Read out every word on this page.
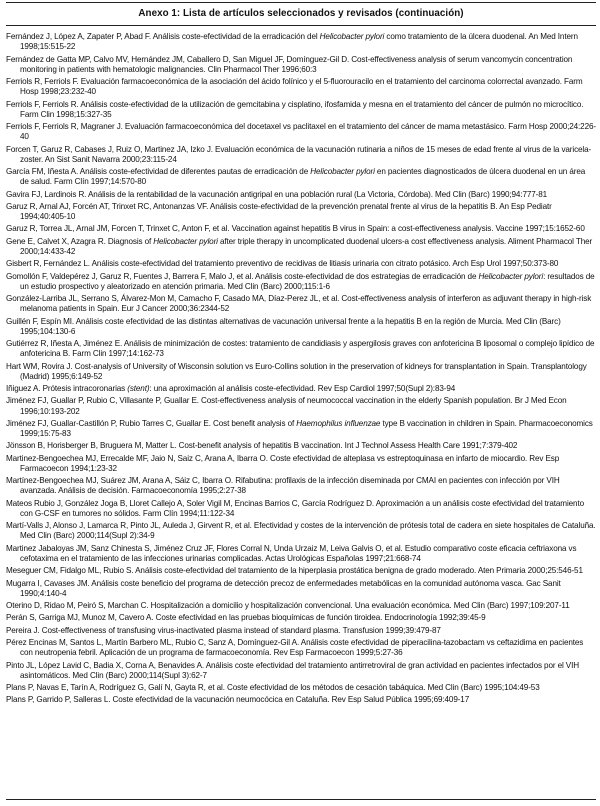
Anexo 1: Lista de artículos seleccionados y revisados (continuación)
Fernández J, López A, Zapater P, Abad F. Análisis coste-efectividad de la erradicación del Helicobacter pylori como tratamiento de la úlcera duodenal. An Med Intern 1998;15:515-22
Fernández de Gatta MP, Calvo MV, Hernández JM, Caballero D, San Miguel JF, Domínguez-Gil D. Cost-effectiveness analysis of serum vancomycin concentration monitoring in patients with hematologic malignancies. Clin Pharmacol Ther 1996;60:3
Ferriols R, Ferriols F. Evaluación farmacoeconómica de la asociación del ácido folínico y el 5-fluorouracilo en el tratamiento del carcinoma colorrectal avanzado. Farm Hosp 1998;23:232-40
Ferriols F, Ferriols R. Análisis coste-efectividad de la utilización de gemcitabina y cisplatino, ifosfamida y mesna en el tratamiento del cáncer de pulmón no microcítico. Farm Clin 1998;15:327-35
Ferriols F, Ferriols R, Magraner J. Evaluación farmacoeconómica del docetaxel vs paclitaxel en el tratamiento del cáncer de mama metastásico. Farm Hosp 2000;24:226-40
Forcen T, Garuz R, Cabases J, Ruiz O, Martinez JA, Izko J. Evaluación económica de la vacunación rutinaria a niños de 15 meses de edad frente al virus de la varicela-zoster. An Sist Sanit Navarra 2000;23:115-24
García FM, Iñesta A. Análisis coste-efectividad de diferentes pautas de erradicación de Helicobacter pylori en pacientes diagnosticados de úlcera duodenal en un área de salud. Farm Clín 1997;14:570-80
Gavira FJ, Lardinois R. Análisis de la rentabilidad de la vacunación antigripal en una población rural (La Victoria, Córdoba). Med Clin (Barc) 1990;94:777-81
Garuz R, Arnal AJ, Forcén AT, Trinxet RC, Antonanzas VF. Análisis coste-efectividad de la prevención prenatal frente al virus de la hepatitis B. An Esp Pediatr 1994;40:405-10
Garuz R, Torrea JL, Arnal JM, Forcen T, Trinxet C, Anton F, et al. Vaccination against hepatitis B virus in Spain: a cost-effectiveness analysis. Vaccine 1997;15:1652-60
Gene E, Calvet X, Azagra R. Diagnosis of Helicobacter pylori after triple therapy in uncomplicated duodenal ulcers-a cost effectiveness analysis. Aliment Pharmacol Ther 2000;14:433-42
Gisbert R, Fernández L. Análisis coste-efectividad del tratamiento preventivo de recidivas de litiasis urinaria con citrato potásico. Arch Esp Urol 1997;50:373-80
Gomollón F, Valdepérez J, Garuz R, Fuentes J, Barrera F, Malo J, et al. Análisis coste-efectividad de dos estrategias de erradicación de Helicobacter pylori: resultados de un estudio prospectivo y aleatorizado en atención primaria. Med Clin (Barc) 2000;115:1-6
González-Larriba JL, Serrano S, Álvarez-Mon M, Camacho F, Casado MA, Díaz-Perez JL, et al. Cost-effectiveness analysis of interferon as adjuvant therapy in high-risk melanoma patients in Spain. Eur J Cancer 2000;36:2344-52
Guillén F, Espín MI. Análisis coste efectividad de las distintas alternativas de vacunación universal frente a la hepatitis B en la región de Murcia. Med Clin (Barc) 1995;104:130-6
Gutiérrez R, Iñesta A, Jiménez E. Análisis de minimización de costes: tratamiento de candidiasis y aspergilosis graves con anfotericina B liposomal o complejo lipídico de anfotericina B. Farm Clin 1997;14:162-73
Hart WM, Rovira J. Cost-analysis of University of Wisconsin solution vs Euro-Collins solution in the preservation of kidneys for transplantation in Spain. Transplantology (Madrid) 1995;6:149-52
Iñiguez A. Prótesis intracoronarias (stent): una aproximación al análisis coste-efectividad. Rev Esp Cardiol 1997;50(Supl 2):83-94
Jiménez FJ, Guallar P, Rubio C, Villasante P, Guallar E. Cost-effectiveness analysis of neumococcal vaccination in the elderly Spanish population. Br J Med Econ 1996;10:193-202
Jiménez FJ, Guallar-Castillón P, Rubio Tarres C, Guallar E. Cost benefit analysis of Haemophilus influenzae type B vaccination in children in Spain. Pharmacoeconomics 1999;15:75-83
Jönsson B, Horisberger B, Bruguera M, Matter L. Cost-benefit analysis of hepatitis B vaccination. Int J Technol Assess Health Care 1991;7:379-402
Martinez-Bengoechea MJ, Errecalde MF, Jaio N, Saiz C, Arana A, Ibarra O. Coste efectividad de alteplasa vs estreptoquinasa en infarto de miocardio. Rev Esp Farmacoecon 1994;1:23-32
Martínez-Bengoechea MJ, Suárez JM, Arana A, Sáiz C, Ibarra O. Rifabutina: profilaxis de la infección diseminada por CMAI en pacientes con infección por VIH avanzada. Análisis de decisión. Farmacoeconomía 1995;2:27-38
Mateos Rubio J, González Joga B, Lloret Callejo A, Soler Vigil M, Encinas Barrios C, García Rodríguez D. Aproximación a un análisis coste efectividad del tratamiento con G-CSF en tumores no sólidos. Farm Clín 1994;11:122-34
Martí-Valls J, Alonso J, Lamarca R, Pinto JL, Auleda J, Girvent R, et al. Efectividad y costes de la intervención de prótesis total de cadera en siete hospitales de Cataluña. Med Clin (Barc) 2000;114(Supl 2):34-9
Martinez Jabaloyas JM, Sanz Chinesta S, Jiménez Cruz JF, Flores Corral N, Unda Urzaiz M, Leiva Galvis O, et al. Estudio comparativo coste eficacia ceftriaxona vs cefotaxima en el tratamiento de las infecciones urinarias complicadas. Actas Urológicas Españolas 1997;21:668-74
Meseguer CM, Fidalgo ML, Rubio S. Análisis coste-efectividad del tratamiento de la hiperplasia prostática benigna de grado moderado. Aten Primaria 2000;25:546-51
Mugarra I, Cavases JM. Análisis coste beneficio del programa de detección precoz de enfermedades metabólicas en la comunidad autónoma vasca. Gac Sanit 1990;4:140-4
Oterino D, Ridao M, Peiró S, Marchan C. Hospitalización a domicilio y hospitalización convencional. Una evaluación económica. Med Clin (Barc) 1997;109:207-11
Perán S, Garriga MJ, Munoz M, Cavero A. Coste efectividad en las pruebas bioquímicas de función tiroidea. Endocrinología 1992;39:45-9
Pereira J. Cost-effectiveness of transfusing virus-inactivated plasma instead of standard plasma. Transfusion 1999;39:479-87
Pérez Encinas M, Santos L, Martín Barbero ML, Rubio C, Sanz A, Domínguez-Gil A. Análisis coste efectividad de piperacilina-tazobactam vs ceftazidima en pacientes con neutropenia febril. Aplicación de un programa de farmacoeconomía. Rev Esp Farmacoecon 1999;5:27-36
Pinto JL, López Lavid C, Badia X, Corna A, Benavides A. Análisis coste efectividad del tratamiento antirretroviral de gran actividad en pacientes infectados por el VIH asintomáticos. Med Clin (Barc) 2000;114(Supl 3):62-7
Plans P, Navas E, Tarín A, Rodríguez G, Galí N, Gayta R, et al. Coste efectividad de los métodos de cesación tabáquica. Med Clin (Barc) 1995;104:49-53
Plans P, Garrido P, Salleras L. Coste efectividad de la vacunación neumocócica en Cataluña. Rev Esp Salud Pública 1995;69:409-17
